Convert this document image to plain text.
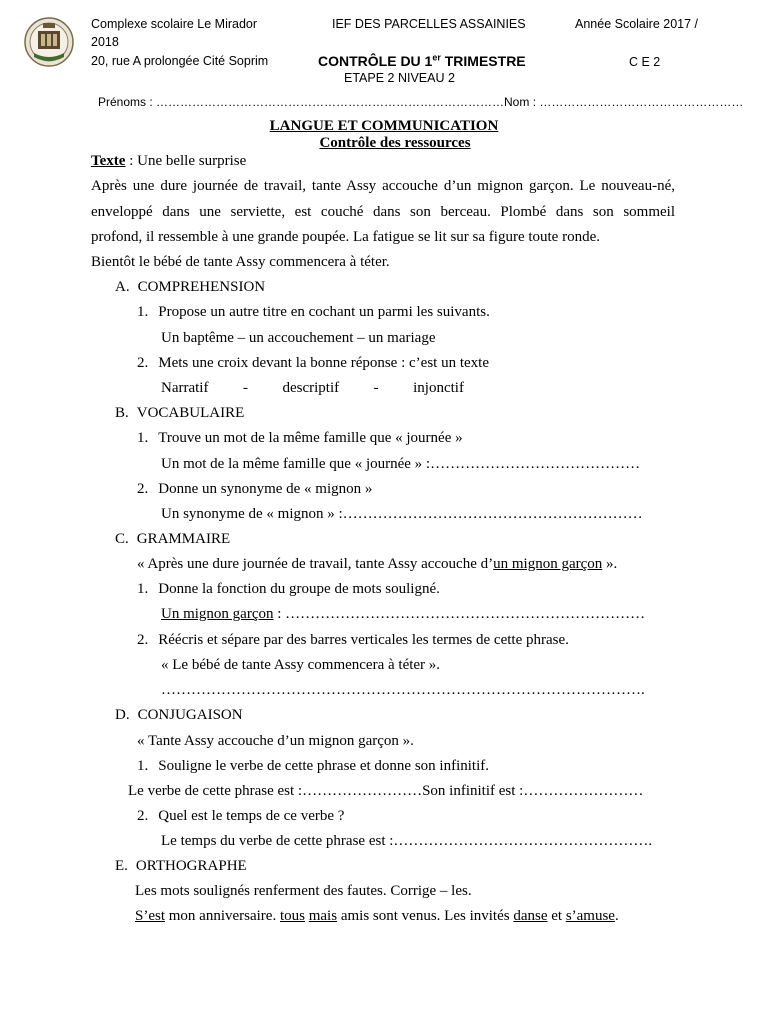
Complexe scolaire Le Mirador
2018
20, rue A prolongée Cité Soprim
IEF DES PARCELLES ASSAINIES
CONTRÔLE DU 1er TRIMESTRE
ETAPE 2 NIVEAU 2
Année Scolaire 2017 /
C E 2
Prénoms : ……………………………………………………………………………Nom : ……………………………………………
LANGUE ET COMMUNICATION
Contrôle des ressources
Texte : Une belle surprise
Après une dure journée de travail, tante Assy accouche d’un mignon garçon. Le nouveau-né,
enveloppé dans une serviette, est couché dans son berceau. Plombé dans son sommeil
profond, il ressemble à une grande poupée. La fatigue se lit sur sa figure toute ronde.
Bientôt le bébé de tante Assy commencera à téter.
A. COMPREHENSION
1. Propose un autre titre en cochant un parmi les suivants.
Un baptême – un accouchement – un mariage
2. Mets une croix devant la bonne réponse : c’est un texte
Narratif - descriptif - injonctif
B. VOCABULAIRE
1. Trouve un mot de la même famille que « journée »
Un mot de la même famille que « journée » :……………………………………
2. Donne un synonyme de « mignon »
Un synonyme de « mignon » :……………………………………………………
C. GRAMMAIRE
« Après une dure journée de travail, tante Assy accouche d’un mignon garçon ».
1. Donne la fonction du groupe de mots souligné.
Un mignon garçon : ………………………………………………………………
2. Réécris et sépare par des barres verticales les termes de cette phrase.
« Le bébé de tante Assy commencera à téter ».
…………………………………………………………………………………….
D. CONJUGAISON
« Tante Assy accouche d’un mignon garçon ».
1. Souligne le verbe de cette phrase et donne son infinitif.
Le verbe de cette phrase est :……………………Son infinitif est :……………………
2. Quel est le temps de ce verbe ?
Le temps du verbe de cette phrase est :…………………………………………….
E. ORTHOGRAPHE
Les mots soulignés renferment des fautes. Corrige – les.
S’est mon anniversaire. tous mais amis sont venus. Les invités danse et s’amuse.
